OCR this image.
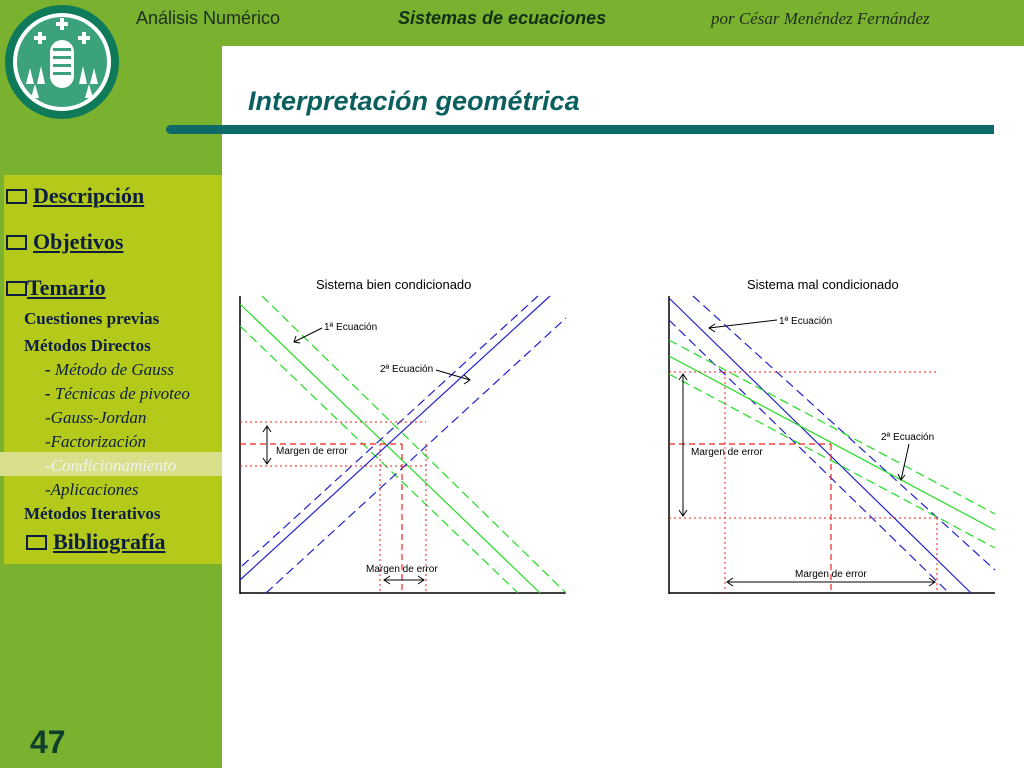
Análisis Numérico	Sistemas de ecuaciones	por César Menéndez Fernández
Interpretación geométrica
Descripción
Objetivos
Temario
Cuestiones previas
Métodos Directos
- Método de Gauss
- Técnicas de pivoteo
-Gauss-Jordan
-Factorización
-Condicionamiento
-Aplicaciones
Métodos Iterativos
Bibliografía
47
Sistema bien condicionado
1ª Ecuación
2ª Ecuación
Margen de error
Margen de error
Sistema mal condicionado
1ª Ecuación
2ª Ecuación
Margen de error
Margen de error
